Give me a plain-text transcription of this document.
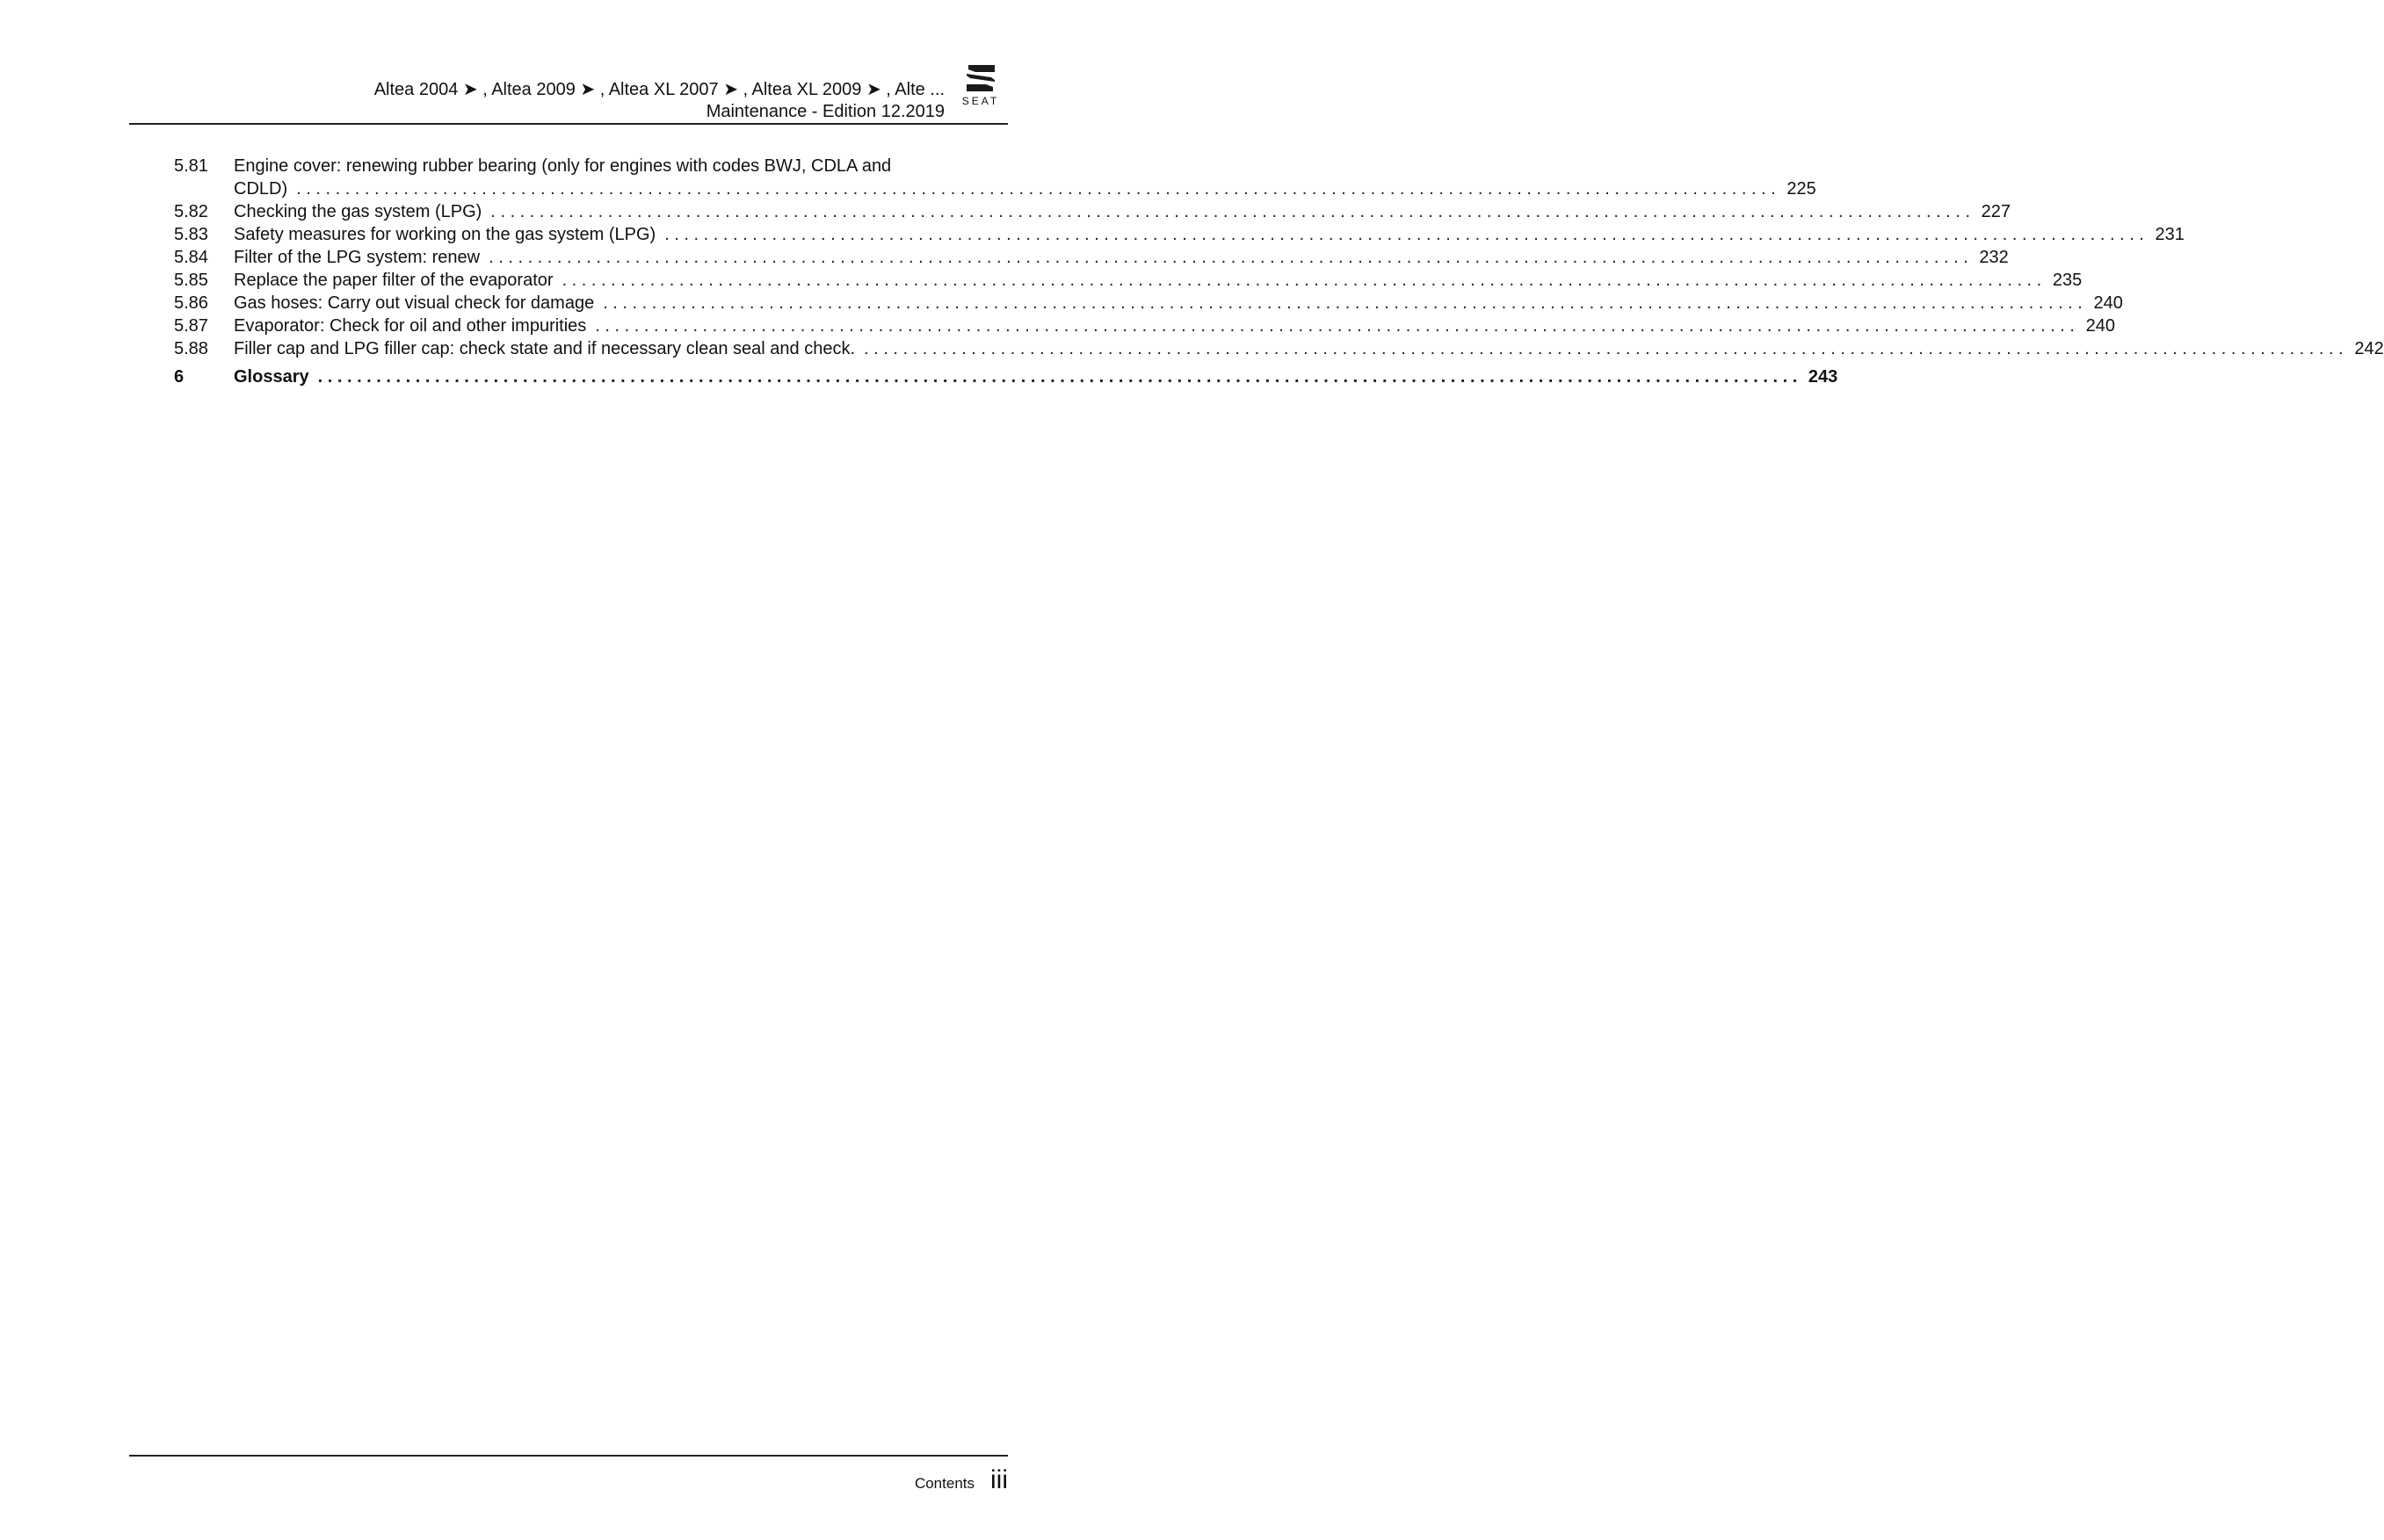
Altea 2004 ➤ , Altea 2009 ➤ , Altea XL 2007 ➤ , Altea XL 2009 ➤ , Alte ...
Maintenance - Edition 12.2019
SEAT
5.81	Engine cover: renewing rubber bearing (only for engines with codes BWJ, CDLA and
CDLD) . . .	225
5.82	Checking the gas system (LPG) . . .	227
5.83	Safety measures for working on the gas system (LPG) . . .	231
5.84	Filter of the LPG system: renew . . .	232
5.85	Replace the paper filter of the evaporator . . .	235
5.86	Gas hoses: Carry out visual check for damage . . .	240
5.87	Evaporator: Check for oil and other impurities . . .	240
5.88	Filler cap and LPG filler cap: check state and if necessary clean seal and check. . . .	242
6	Glossary . . .	243
Contents iii
